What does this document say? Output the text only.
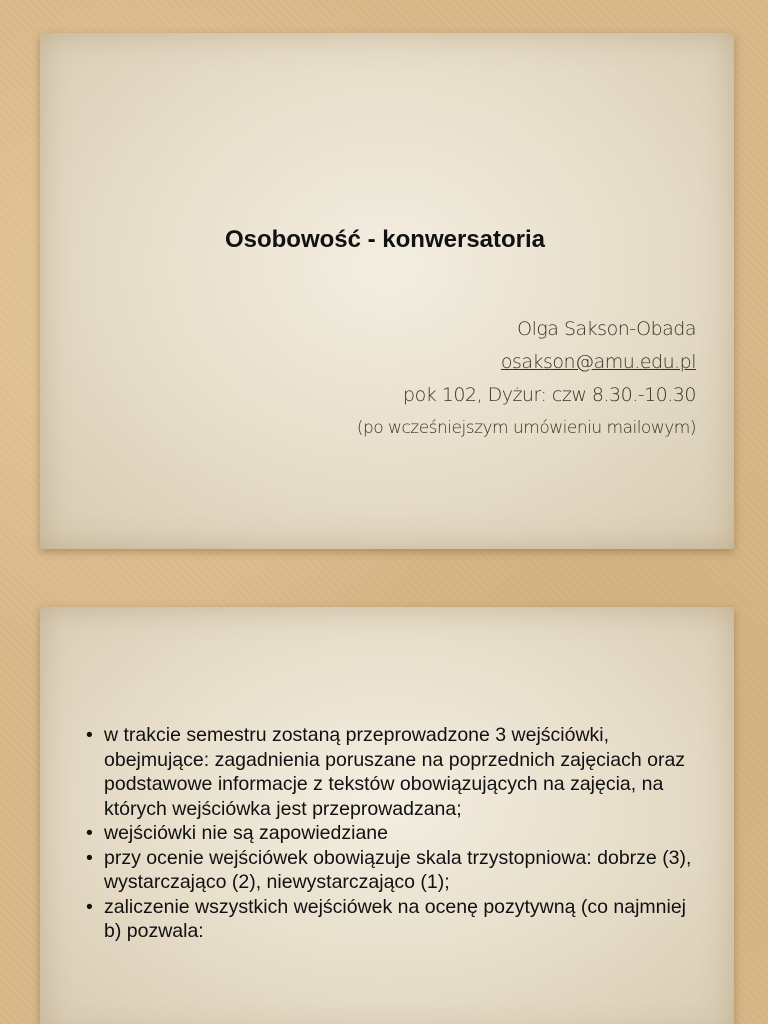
Osobowość - konwersatoria
Olga Sakson-Obada
osakson@amu.edu.pl
pok 102, Dyżur: czw 8.30.-10.30
(po wcześniejszym umówieniu mailowym)
• w trakcie semestru zostaną przeprowadzone 3 wejściówki, obejmujące: zagadnienia poruszane na poprzednich zajęciach oraz podstawowe informacje z tekstów obowiązujących na zajęcia, na których wejściówka jest przeprowadzana;
• wejściówki nie są zapowiedziane
• przy ocenie wejściówek obowiązuje skala trzystopniowa: dobrze (3), wystarczająco (2), niewystarczająco (1);
• zaliczenie wszystkich wejściówek na ocenę pozytywną (co najmniej b) pozwala:
